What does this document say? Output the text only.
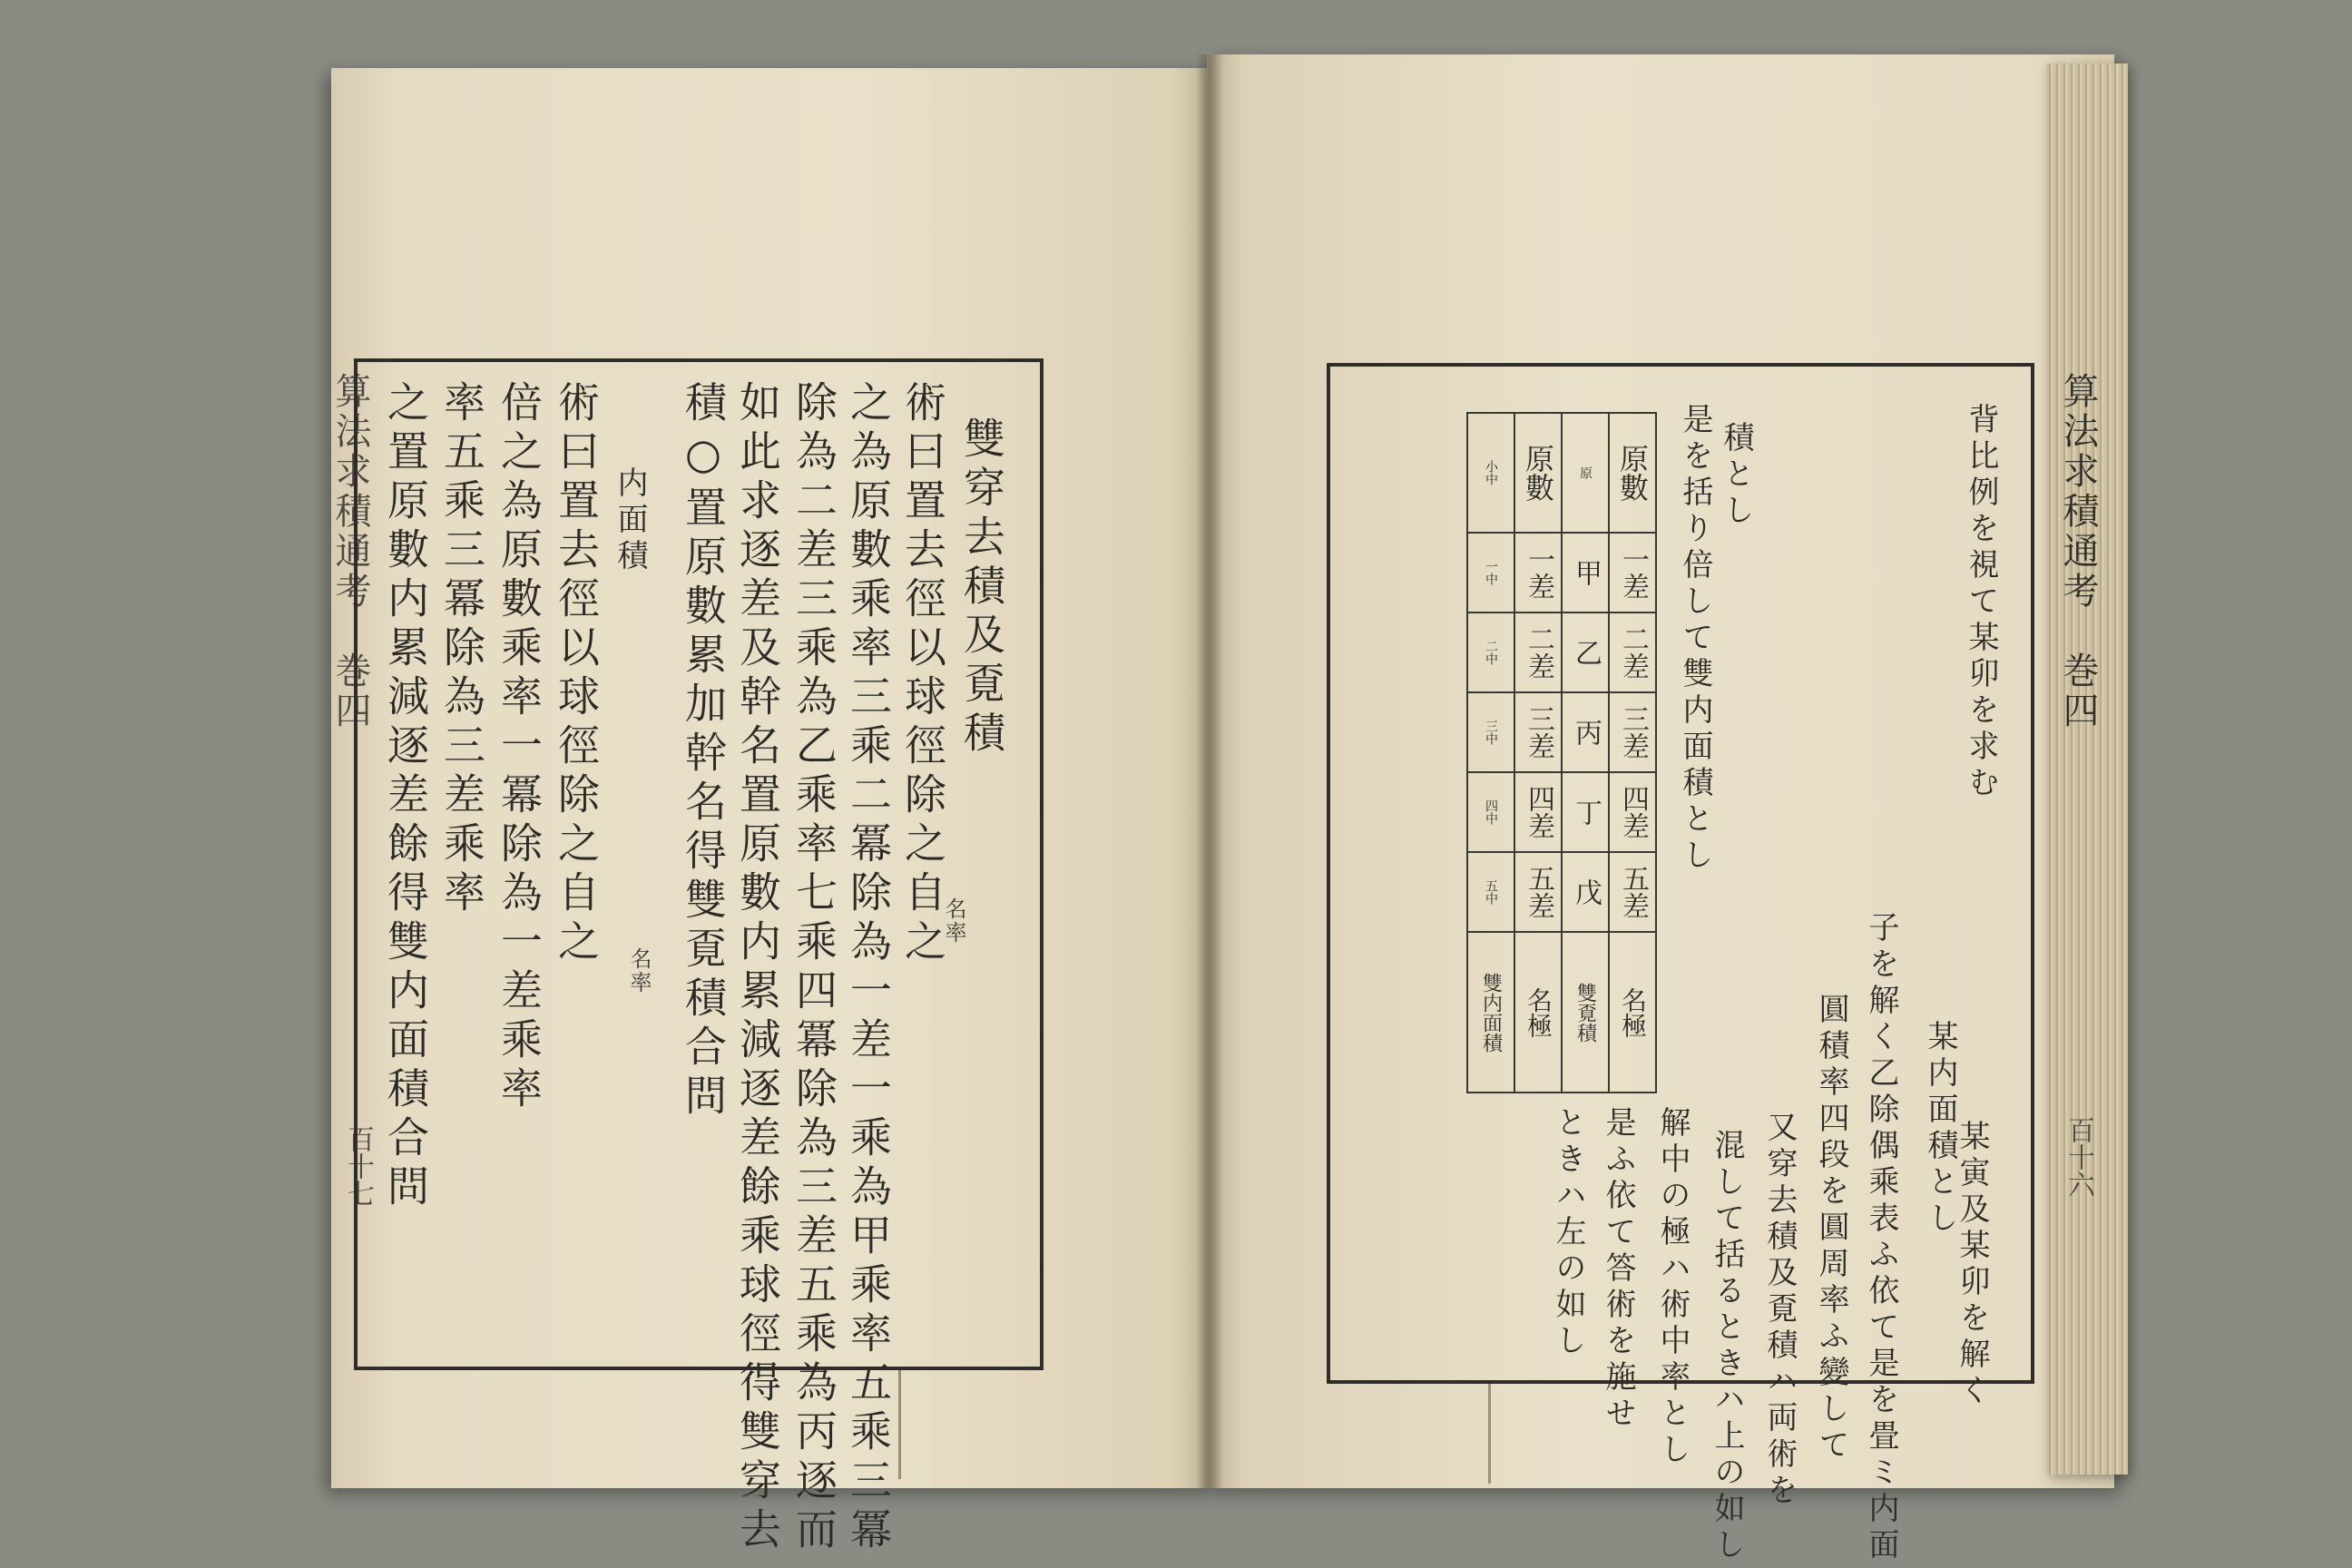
算法求積通考　巻四
百十七
雙穿去積及覔積
術曰置去徑以球徑除之自之
之為原數乘率三乘二冪除為一差一乘為甲乘率五乘三冪
除為二差三乘為乙乘率七乘四冪除為三差五乘為丙逐而
如此求逐差及幹名置原數内累減逐差餘乘球徑得雙穿去
積○置原數累加幹名得雙覔積合問
内面積
術曰置去徑以球徑除之自之
倍之為原數乘率一冪除為一差乘率
率五乘三冪除為三差乘率
之置原數内累減逐差餘得雙内面積合問	名率
名率
算法求積通考　巻四
百十六
背比例を視て某卯を求む
某内面積とし
某寅及某卯を解く
子を解く乙除偶乘表ふ依て是を畳ミ内面
圓積率四段を圓周率ふ變して
又穿去積及覔積ハ両術を
混して括るときハ上の如し
解中の極ハ術中率とし
是ふ依て答術を施せ
ときハ左の如し
積とし
是を括り倍して雙内面積とし
小中	原數	原	原數
一中	一差	甲	一差
二中	二差	乙	二差
三中	三差	丙	三差
四中	四差	丁	四差
五中	五差	戊	五差
雙内面積	名極	雙覔積	名極
